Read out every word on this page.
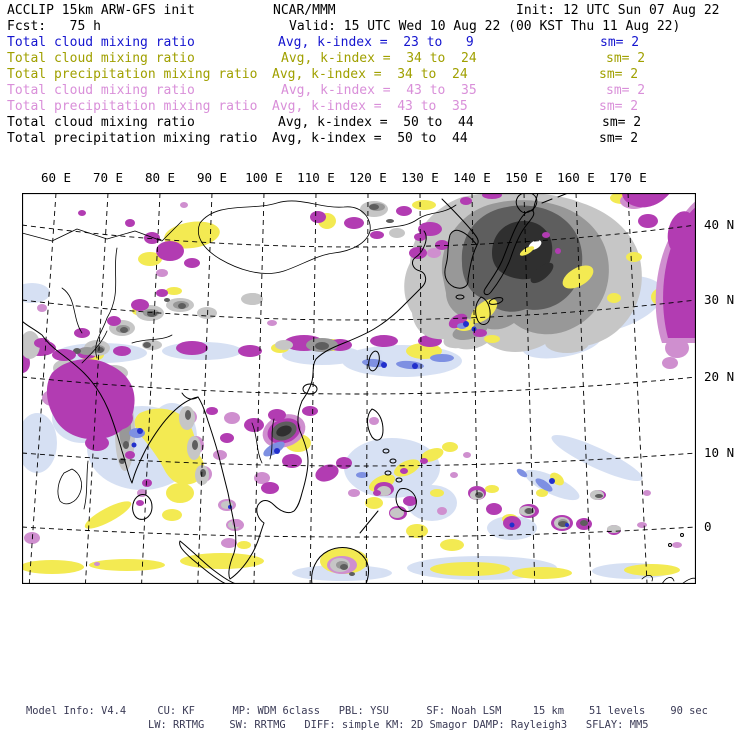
ACCLIP 15km ARW-GFS init	NCAR/MMM	Init: 12 UTC Sun 07 Aug 22
Fcst:   75 h	Valid: 15 UTC Wed 10 Aug 22 (00 KST Thu 11 Aug 22)
Total cloud mixing ratio	Avg, k-index =  23 to   9	sm= 2
Total cloud mixing ratio	Avg, k-index =  34 to  24	sm= 2
Total precipitation mixing ratio Avg, k-index =  34 to  24	sm= 2
Total cloud mixing ratio	Avg, k-index =  43 to  35	sm= 2
Total precipitation mixing ratio Avg, k-index =  43 to  35	sm= 2
Total cloud mixing ratio	Avg, k-index =  50 to  44	sm= 2
Total precipitation mixing ratio Avg, k-index =  50 to  44	sm= 2
60 E 70 E 80 E 90 E 100 E 110 E 120 E 130 E 140 E 150 E 160 E 170 E
40 N
30 N
20 N
10 N
0
Model Info: V4.4     CU: KF      MP: WDM 6class   PBL: YSU      SF: Noah LSM     15 km    51 levels    90 sec
LW: RRTMG    SW: RRTMG   DIFF: simple KM: 2D Smagor DAMP: Rayleigh3   SFLAY: MM5
